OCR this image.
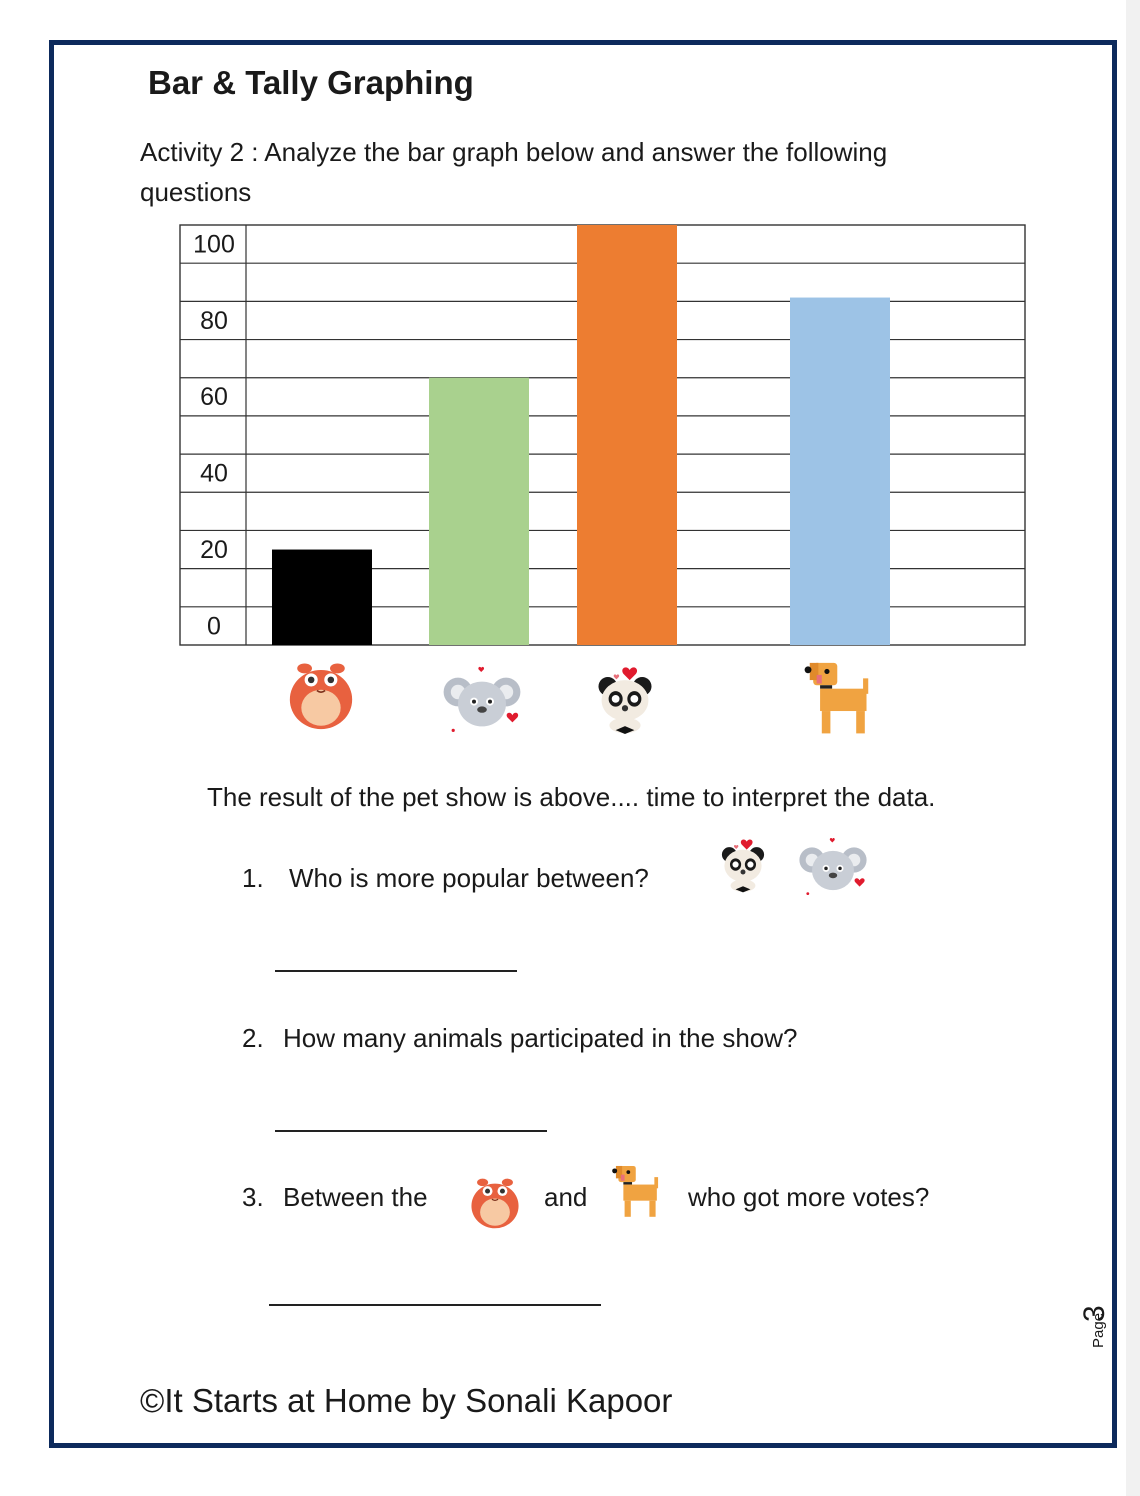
Bar & Tally Graphing
Activity 2 : Analyze the bar graph below and answer the following questions
100
80
60
40
20
0
The result of the pet show is above.... time to interpret the data.
1. Who is more popular between?
2. How many animals participated in the show?
3. Between the	and	who got more votes?
Page
3
©It Starts at Home by Sonali Kapoor
